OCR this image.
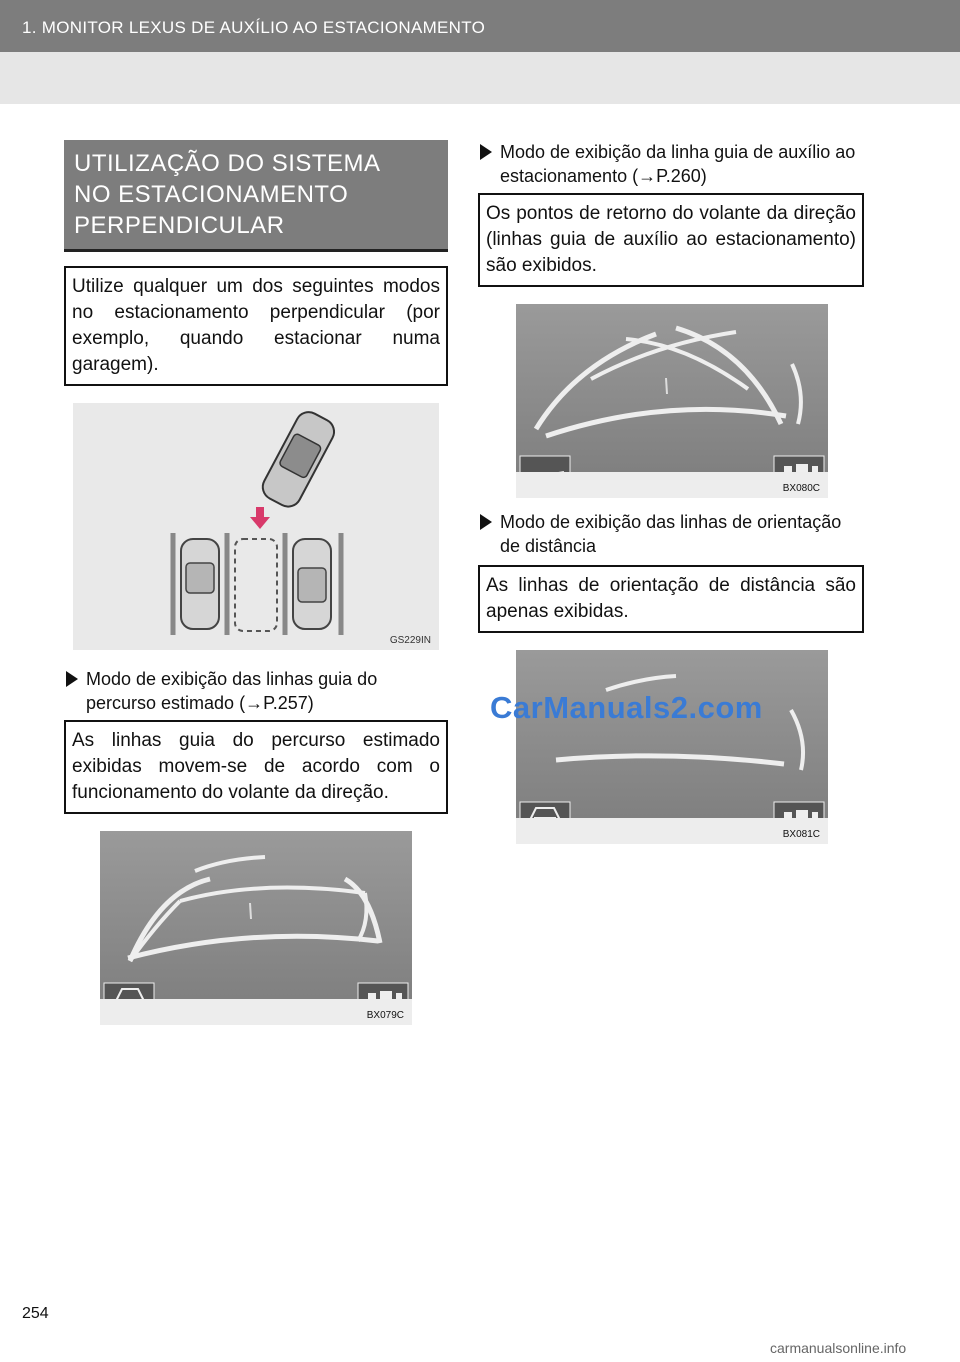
1. MONITOR LEXUS DE AUXÍLIO AO ESTACIONAMENTO
UTILIZAÇÃO DO SISTEMA
NO ESTACIONAMENTO
PERPENDICULAR
Utilize qualquer um dos seguintes modos no estacionamento perpendicular (por exemplo, quando estacionar numa garagem).
GS229IN
Modo de exibição das linhas guia do percurso estimado (→P.257)
As linhas guia do percurso estimado exibidas movem-se de acordo com o funcionamento do volante da direção.
BX079C
Modo de exibição da linha guia de auxílio ao estacionamento (→P.260)
Os pontos de retorno do volante da direção (linhas guia de auxílio ao estacionamento) são exibidos.
BX080C
Modo de exibição das linhas de orientação de distância
As linhas de orientação de distância são apenas exibidas.
BX081C
CarManuals2.com
254
carmanualsonline.info
